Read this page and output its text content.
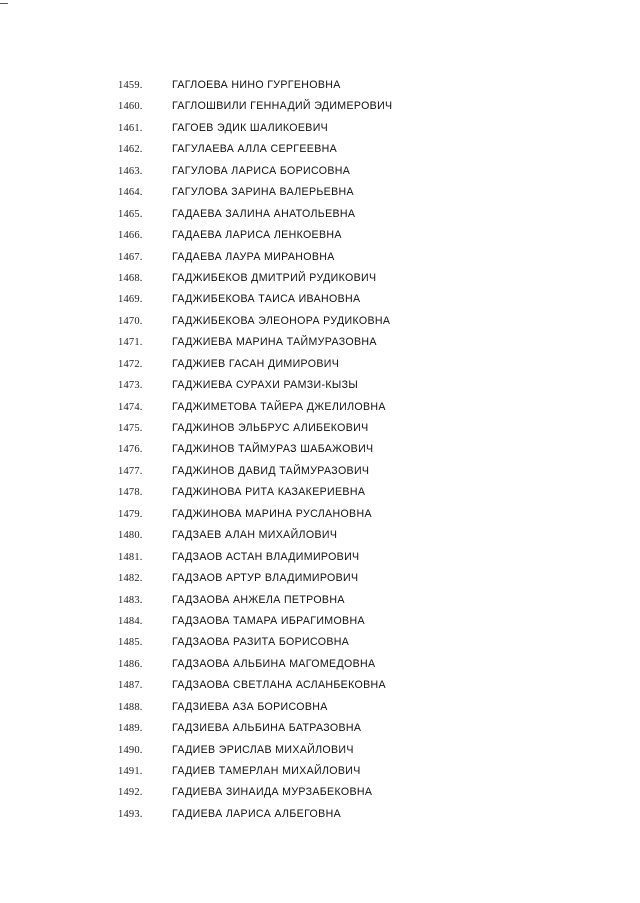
1459.	ГАГЛОЕВА НИНО ГУРГЕНОВНА
1460.	ГАГЛОШВИЛИ ГЕННАДИЙ ЭДИМЕРОВИЧ
1461.	ГАГОЕВ ЭДИК ШАЛИКОЕВИЧ
1462.	ГАГУЛАЕВА АЛЛА СЕРГЕЕВНА
1463.	ГАГУЛОВА ЛАРИСА БОРИСОВНА
1464.	ГАГУЛОВА ЗАРИНА ВАЛЕРЬЕВНА
1465.	ГАДАЕВА ЗАЛИНА АНАТОЛЬЕВНА
1466.	ГАДАЕВА ЛАРИСА ЛЕНКОЕВНА
1467.	ГАДАЕВА ЛАУРА МИРАНОВНА
1468.	ГАДЖИБЕКОВ ДМИТРИЙ РУДИКОВИЧ
1469.	ГАДЖИБЕКОВА ТАИСА ИВАНОВНА
1470.	ГАДЖИБЕКОВА ЭЛЕОНОРА РУДИКОВНА
1471.	ГАДЖИЕВА МАРИНА ТАЙМУРАЗОВНА
1472.	ГАДЖИЕВ ГАСАН ДИМИРОВИЧ
1473.	ГАДЖИЕВА СУРАХИ РАМЗИ-КЫЗЫ
1474.	ГАДЖИМЕТОВА ТАЙЕРА ДЖЕЛИЛОВНА
1475.	ГАДЖИНОВ ЭЛЬБРУС АЛИБЕКОВИЧ
1476.	ГАДЖИНОВ ТАЙМУРАЗ ШАБАЖОВИЧ
1477.	ГАДЖИНОВ ДАВИД ТАЙМУРАЗОВИЧ
1478.	ГАДЖИНОВА РИТА КАЗАКЕРИЕВНА
1479.	ГАДЖИНОВА МАРИНА РУСЛАНОВНА
1480.	ГАДЗАЕВ АЛАН МИХАЙЛОВИЧ
1481.	ГАДЗАОВ АСТАН ВЛАДИМИРОВИЧ
1482.	ГАДЗАОВ АРТУР ВЛАДИМИРОВИЧ
1483.	ГАДЗАОВА АНЖЕЛА ПЕТРОВНА
1484.	ГАДЗАОВА ТАМАРА ИБРАГИМОВНА
1485.	ГАДЗАОВА РАЗИТА БОРИСОВНА
1486.	ГАДЗАОВА АЛЬБИНА МАГОМЕДОВНА
1487.	ГАДЗАОВА СВЕТЛАНА АСЛАНБЕКОВНА
1488.	ГАДЗИЕВА АЗА БОРИСОВНА
1489.	ГАДЗИЕВА АЛЬБИНА БАТРАЗОВНА
1490.	ГАДИЕВ ЭРИСЛАВ МИХАЙЛОВИЧ
1491.	ГАДИЕВ ТАМЕРЛАН МИХАЙЛОВИЧ
1492.	ГАДИЕВА ЗИНАИДА МУРЗАБЕКОВНА
1493.	ГАДИЕВА ЛАРИСА АЛБЕГОВНА
